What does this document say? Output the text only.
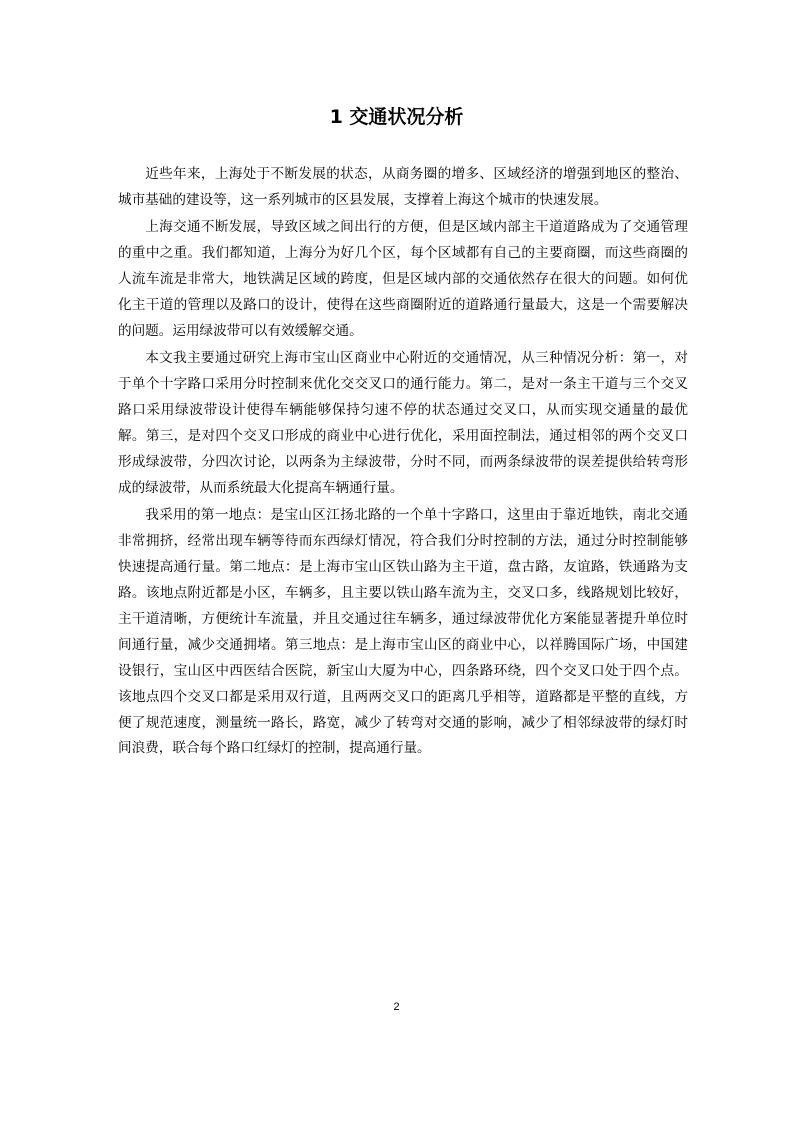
1 交通状况分析

近些年来，上海处于不断发展的状态，从商务圈的增多、区域经济的增强到地区的整治、城市基础的建设等，这一系列城市的区县发展，支撑着上海这个城市的快速发展。

上海交通不断发展，导致区域之间出行的方便，但是区域内部主干道道路成为了交通管理的重中之重。我们都知道，上海分为好几个区，每个区域都有自己的主要商圈，而这些商圈的人流车流是非常大，地铁满足区域的跨度，但是区域内部的交通依然存在很大的问题。如何优化主干道的管理以及路口的设计，使得在这些商圈附近的道路通行量最大，这是一个需要解决的问题。运用绿波带可以有效缓解交通。

本文我主要通过研究上海市宝山区商业中心附近的交通情况，从三种情况分析：第一，对于单个十字路口采用分时控制来优化交交叉口的通行能力。第二，是对一条主干道与三个交叉路口采用绿波带设计使得车辆能够保持匀速不停的状态通过交叉口，从而实现交通量的最优解。第三，是对四个交叉口形成的商业中心进行优化，采用面控制法，通过相邻的两个交叉口形成绿波带，分四次讨论，以两条为主绿波带，分时不同，而两条绿波带的误差提供给转弯形成的绿波带，从而系统最大化提高车辆通行量。

我采用的第一地点：是宝山区江扬北路的一个单十字路口，这里由于靠近地铁，南北交通非常拥挤，经常出现车辆等待而东西绿灯情况，符合我们分时控制的方法，通过分时控制能够快速提高通行量。第二地点：是上海市宝山区铁山路为主干道，盘古路，友谊路，铁通路为支路。该地点附近都是小区，车辆多，且主要以铁山路车流为主，交叉口多，线路规划比较好，主干道清晰，方便统计车流量，并且交通过往车辆多，通过绿波带优化方案能显著提升单位时间通行量，减少交通拥堵。第三地点：是上海市宝山区的商业中心，以祥腾国际广场，中国建设银行，宝山区中西医结合医院，新宝山大厦为中心，四条路环绕，四个交叉口处于四个点。该地点四个交叉口都是采用双行道，且两两交叉口的距离几乎相等，道路都是平整的直线，方便了规范速度，测量统一路长，路宽，减少了转弯对交通的影响，减少了相邻绿波带的绿灯时间浪费，联合每个路口红绿灯的控制，提高通行量。

2
